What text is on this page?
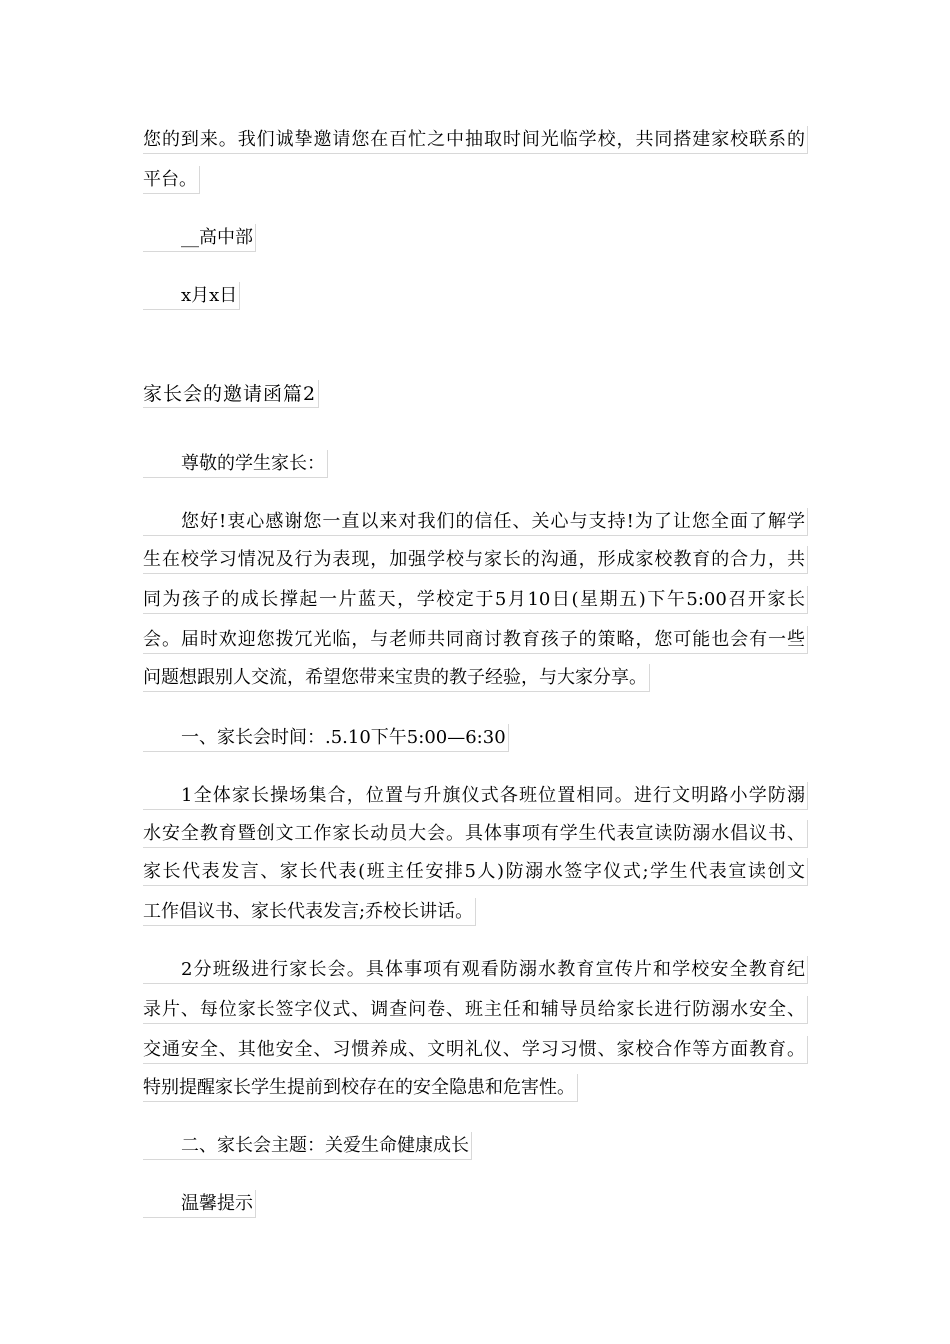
您的到来。我们诚挚邀请您在百忙之中抽取时间光临学校，共同搭建家校联系的
平台。
__高中部
x月x日
家长会的邀请函篇2
尊敬的学生家长：
您好!衷心感谢您一直以来对我们的信任、关心与支持!为了让您全面了解学
生在校学习情况及行为表现，加强学校与家长的沟通，形成家校教育的合力，共
同为孩子的成长撑起一片蓝天，学校定于5月10日(星期五)下午5:00召开家长
会。届时欢迎您拨冗光临，与老师共同商讨教育孩子的策略，您可能也会有一些
问题想跟别人交流，希望您带来宝贵的教子经验，与大家分享。
一、家长会时间：.5.10下午5:00—6:30
1全体家长操场集合，位置与升旗仪式各班位置相同。进行文明路小学防溺
水安全教育暨创文工作家长动员大会。具体事项有学生代表宣读防溺水倡议书、
家长代表发言、家长代表(班主任安排5人)防溺水签字仪式;学生代表宣读创文
工作倡议书、家长代表发言;乔校长讲话。
2分班级进行家长会。具体事项有观看防溺水教育宣传片和学校安全教育纪
录片、每位家长签字仪式、调查问卷、班主任和辅导员给家长进行防溺水安全、
交通安全、其他安全、习惯养成、文明礼仪、学习习惯、家校合作等方面教育。
特别提醒家长学生提前到校存在的安全隐患和危害性。
二、家长会主题：关爱生命健康成长
温馨提示
